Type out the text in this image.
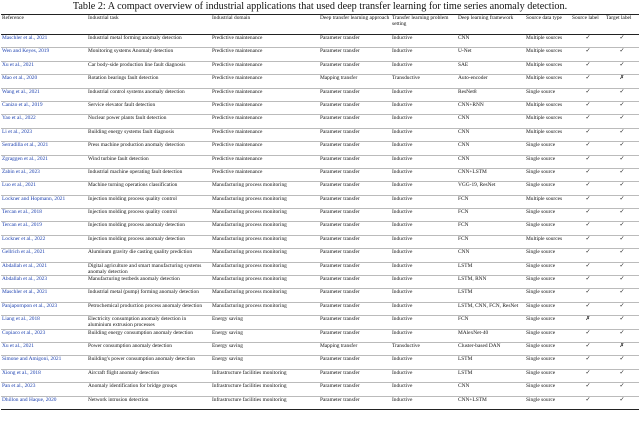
Table 2: A compact overview of industrial applications that used deep transfer learning for time series anomaly detection.
Reference	Industrial task	Industrial domain	Deep transfer learning approach	Transfer learning problem setting	Deep learning framework	Source data type	Source label	Target label
Maschler et al., 2021	Industrial metal forming anomaly detection	Predictive maintenance	Parameter transfer	Inductive	CNN	Multiple sources	✓	✓
Wen and Keyes, 2019	Monitoring systems Anomaly detection	Predictive maintenance	Parameter transfer	Inductive	U-Net	Multiple sources	✓	✓
Xu et al., 2021	Car body-side production line fault diagnosis	Predictive maintenance	Parameter transfer	Inductive	SAE	Multiple sources	✓	✓
Mao et al., 2020	Rotation bearings fault detection	Predictive maintenance	Mapping transfer	Transductive	Auto-encoder	Multiple sources	✓	✗
Wang et al., 2021	Industrial control systems anomaly detection	Predictive maintenance	Parameter transfer	Inductive	ResNet8	Single source	✓	✓
Canizo et al., 2019	Service elevator fault detection	Predictive maintenance	Parameter transfer	Inductive	CNN+RNN	Multiple sources	✓	✓
Yao et al., 2022	Nuclear power plants fault detection	Predictive maintenance	Parameter transfer	Inductive	CNN	Multiple sources	✓	✓
Li et al., 2023	Building energy systems fault diagnosis	Predictive maintenance	Parameter transfer	Inductive	CNN	Multiple sources	✓	✓
Serradilla et al., 2021	Press machine production anomaly detection	Predictive maintenance	Parameter transfer	Inductive	CNN	Single source	✓	✓
Zgraggen et al., 2021	Wind turbine fault detection	Predictive maintenance	Parameter transfer	Inductive	CNN	Single source	✓	✓
Zabin et al., 2023	Industrial machine operating fault detection	Predictive maintenance	Parameter transfer	Inductive	CNN+LSTM	Single source	✓	✓
Luo et al., 2021	Machine turning operations classification	Manufacturing process monitoring	Parameter transfer	Inductive	VGG-19, ResNet	Single source	✓	✓
Lockner and Hopmann, 2021	Injection molding process quality control	Manufacturing process monitoring	Parameter transfer	Inductive	FCN	Multiple sources	✓	✓
Tercan et al., 2018	Injection molding process quality control	Manufacturing process monitoring	Parameter transfer	Inductive	FCN	Single source	✓	✓
Tercan et al., 2019	Injection molding process anomaly detection	Manufacturing process monitoring	Parameter transfer	Inductive	FCN	Single source	✓	✓
Lockner et al., 2022	Injection molding process anomaly detection	Manufacturing process monitoring	Parameter transfer	Inductive	FCN	Multiple sources	✓	✓
Gellrich et al., 2021	Aluminum gravity die casting quality prediction	Manufacturing process monitoring	Parameter transfer	Inductive	CNN	Single source	✓	✓
Abdallah et al., 2021	Digital agriculture and smart manufacturing systems anomaly detection	Manufacturing process monitoring	Parameter transfer	Inductive	LSTM	Single source	✓	✓
Abdallah et al., 2023	Manufacturing testbeds anomaly detection	Manufacturing process monitoring	Parameter transfer	Inductive	LSTM, RNN	Single source	✓	✓
Maschler et al., 2021	Industrial metal (pump) forming anomaly detection	Manufacturing process monitoring	Parameter transfer	Inductive	LSTM	Single source	✓	✓
Panjapornpon et al., 2023	Petrochemical production process anomaly detection	Manufacturing process monitoring	Parameter transfer	Inductive	LSTM, CNN, FCN, ResNet	Single source	✓	✓
Liang et al., 2018	Electricity consumption anomaly detection in aluminium extrusion processes	Energy saving	Parameter transfer	Inductive	FCN	Single source	✗	✓
Copiaco et al., 2023	Building energy consumption anomaly detection	Energy saving	Parameter transfer	Inductive	MAlexNet-40	Single source	✓	✓
Xu et al., 2021	Power consumption anomaly detection	Energy saving	Mapping transfer	Transductive	Cluster-based DAN	Single source	✓	✗
Simone and Amigoni, 2021	Building's power consumption anomaly detection	Energy saving	Parameter transfer	Inductive	LSTM	Single source	✓	✓
Xiong et al., 2018	Aircraft flight anomaly detection	Infrastructure facilities monitoring	Parameter transfer	Inductive	LSTM	Single source	✓	✓
Pan et al., 2023	Anomaly identification for bridge groups	Infrastructure facilities monitoring	Parameter transfer	Inductive	CNN	Single source	✓	✓
Dhillon and Haque, 2020	Network intrusion detection	Infrastructure facilities monitoring	Parameter transfer	Inductive	CNN+LSTM	Single source	✓	✓
